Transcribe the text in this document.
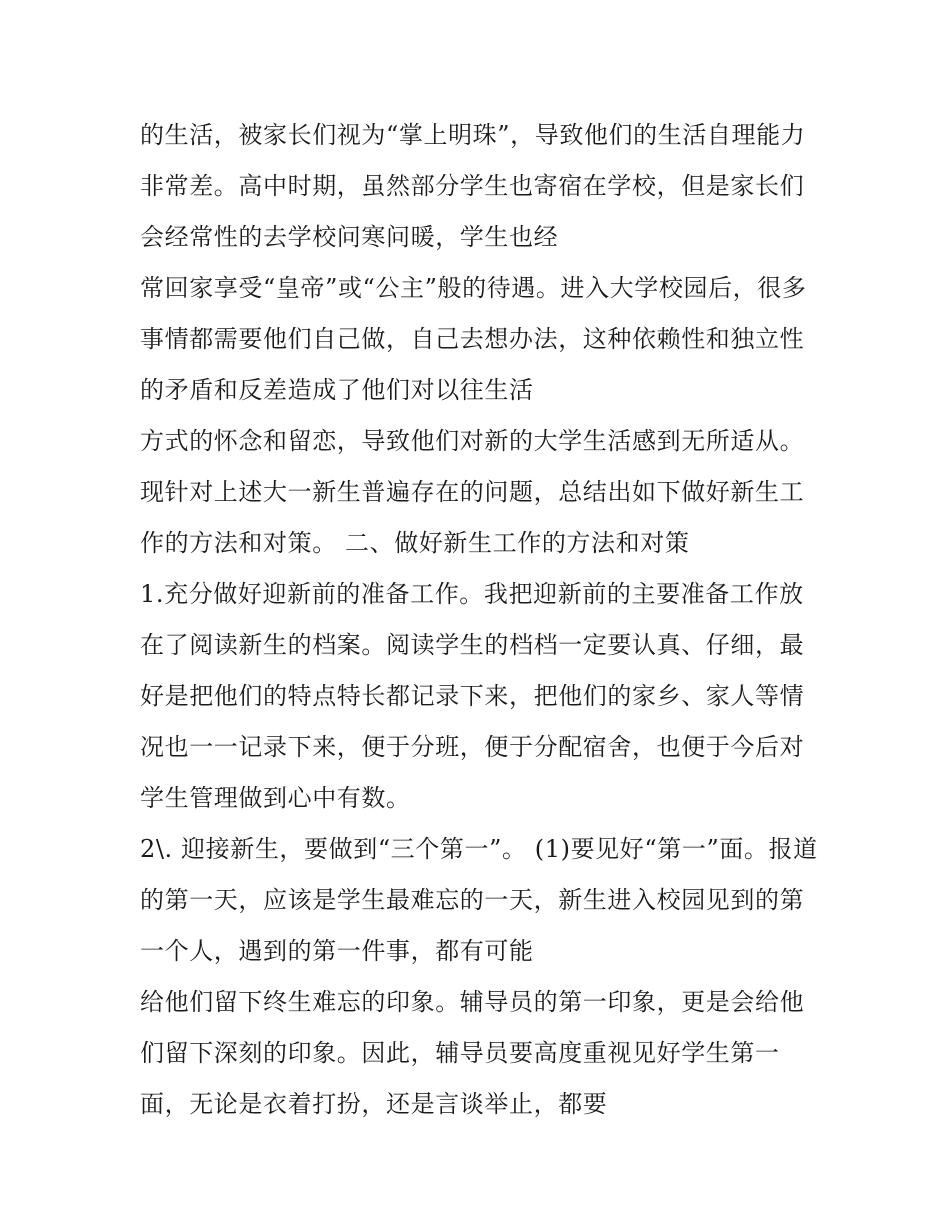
的生活，被家长们视为“掌上明珠”，导致他们的生活自理能力
非常差。高中时期，虽然部分学生也寄宿在学校，但是家长们
会经常性的去学校问寒问暖，学生也经
常回家享受“皇帝”或“公主”般的待遇。进入大学校园后，很多
事情都需要他们自己做，自己去想办法，这种依赖性和独立性
的矛盾和反差造成了他们对以往生活
方式的怀念和留恋，导致他们对新的大学生活感到无所适从。
现针对上述大一新生普遍存在的问题，总结出如下做好新生工
作的方法和对策。 二、做好新生工作的方法和对策
1.充分做好迎新前的准备工作。我把迎新前的主要准备工作放
在了阅读新生的档案。阅读学生的档档一定要认真、仔细，最
好是把他们的特点特长都记录下来，把他们的家乡、家人等情
况也一一记录下来，便于分班，便于分配宿舍，也便于今后对
学生管理做到心中有数。
2\. 迎接新生，要做到“三个第一”。 (1)要见好“第一”面。报道
的第一天，应该是学生最难忘的一天，新生进入校园见到的第
一个人，遇到的第一件事，都有可能
给他们留下终生难忘的印象。辅导员的第一印象，更是会给他
们留下深刻的印象。因此，辅导员要高度重视见好学生第一
面，无论是衣着打扮，还是言谈举止，都要
